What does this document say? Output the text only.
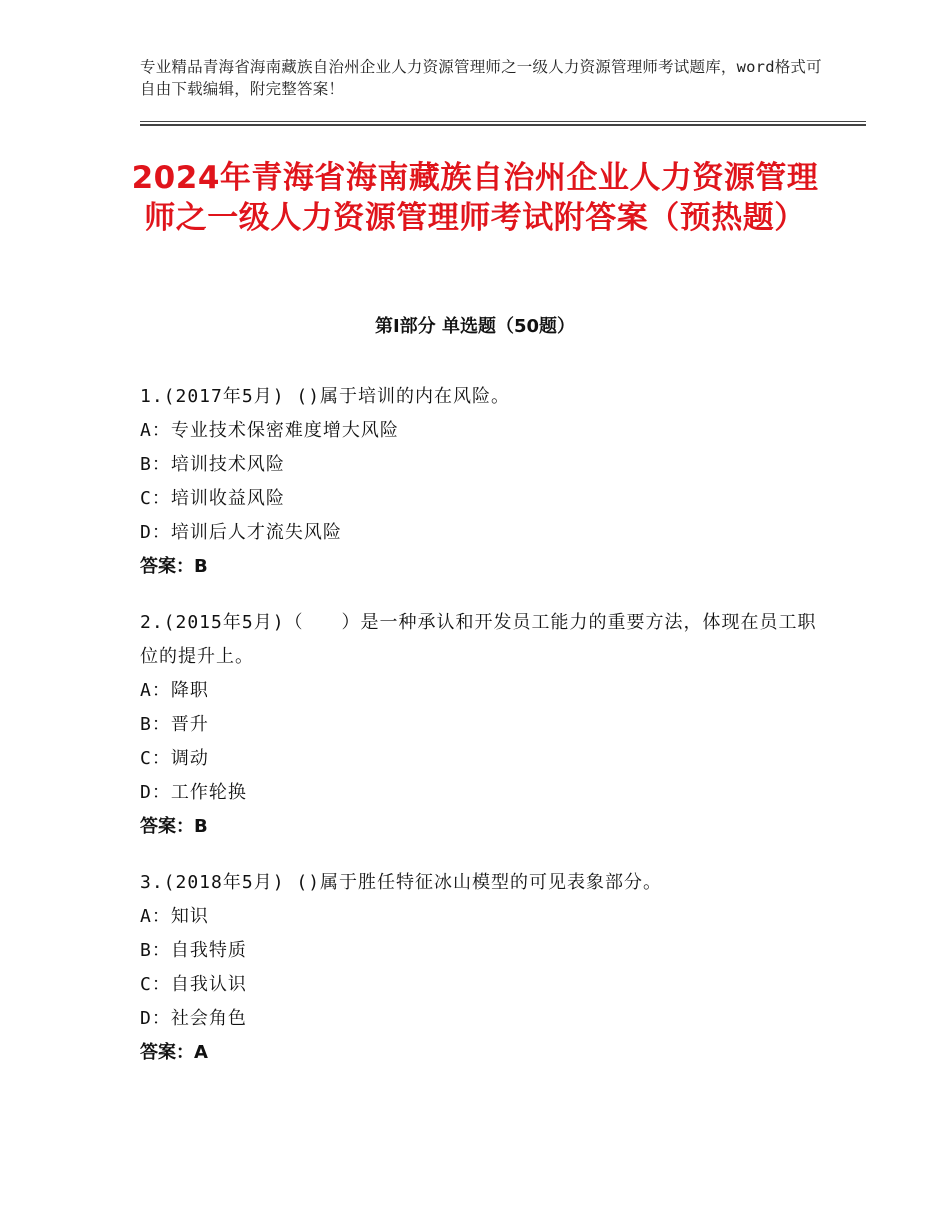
专业精品青海省海南藏族自治州企业人力资源管理师之一级人力资源管理师考试题库，word格式可自由下载编辑，附完整答案！
2024年青海省海南藏族自治州企业人力资源管理师之一级人力资源管理师考试附答案（预热题）
第Ⅰ部分 单选题（50题）
1.(2017年5月) ()属于培训的内在风险。
A：专业技术保密难度增大风险
B：培训技术风险
C：培训收益风险
D：培训后人才流失风险
答案：B
2.(2015年5月)（　　）是一种承认和开发员工能力的重要方法，体现在员工职位的提升上。
A：降职
B：晋升
C：调动
D：工作轮换
答案：B
3.(2018年5月) ()属于胜任特征冰山模型的可见表象部分。
A：知识
B：自我特质
C：自我认识
D：社会角色
答案：A
